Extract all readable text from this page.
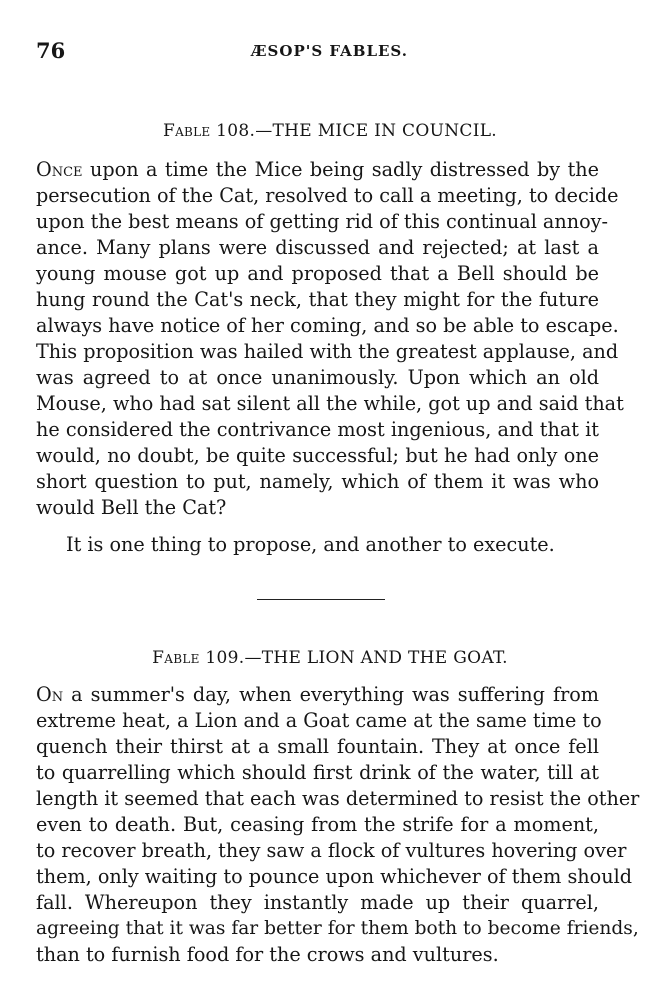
76	ÆSOP'S FABLES.
Fable 108.—THE MICE IN COUNCIL.
Once upon a time the Mice being sadly distressed by the
persecution of the Cat, resolved to call a meeting, to decide
upon the best means of getting rid of this continual annoy-
ance. Many plans were discussed and rejected; at last a
young mouse got up and proposed that a Bell should be
hung round the Cat's neck, that they might for the future
always have notice of her coming, and so be able to escape.
This proposition was hailed with the greatest applause, and
was agreed to at once unanimously. Upon which an old
Mouse, who had sat silent all the while, got up and said that
he considered the contrivance most ingenious, and that it
would, no doubt, be quite successful; but he had only one
short question to put, namely, which of them it was who
would Bell the Cat?
It is one thing to propose, and another to execute.
Fable 109.—THE LION AND THE GOAT.
On a summer's day, when everything was suffering from
extreme heat, a Lion and a Goat came at the same time to
quench their thirst at a small fountain. They at once fell
to quarrelling which should first drink of the water, till at
length it seemed that each was determined to resist the other
even to death. But, ceasing from the strife for a moment,
to recover breath, they saw a flock of vultures hovering over
them, only waiting to pounce upon whichever of them should
fall. Whereupon they instantly made up their quarrel,
agreeing that it was far better for them both to become friends,
than to furnish food for the crows and vultures.
